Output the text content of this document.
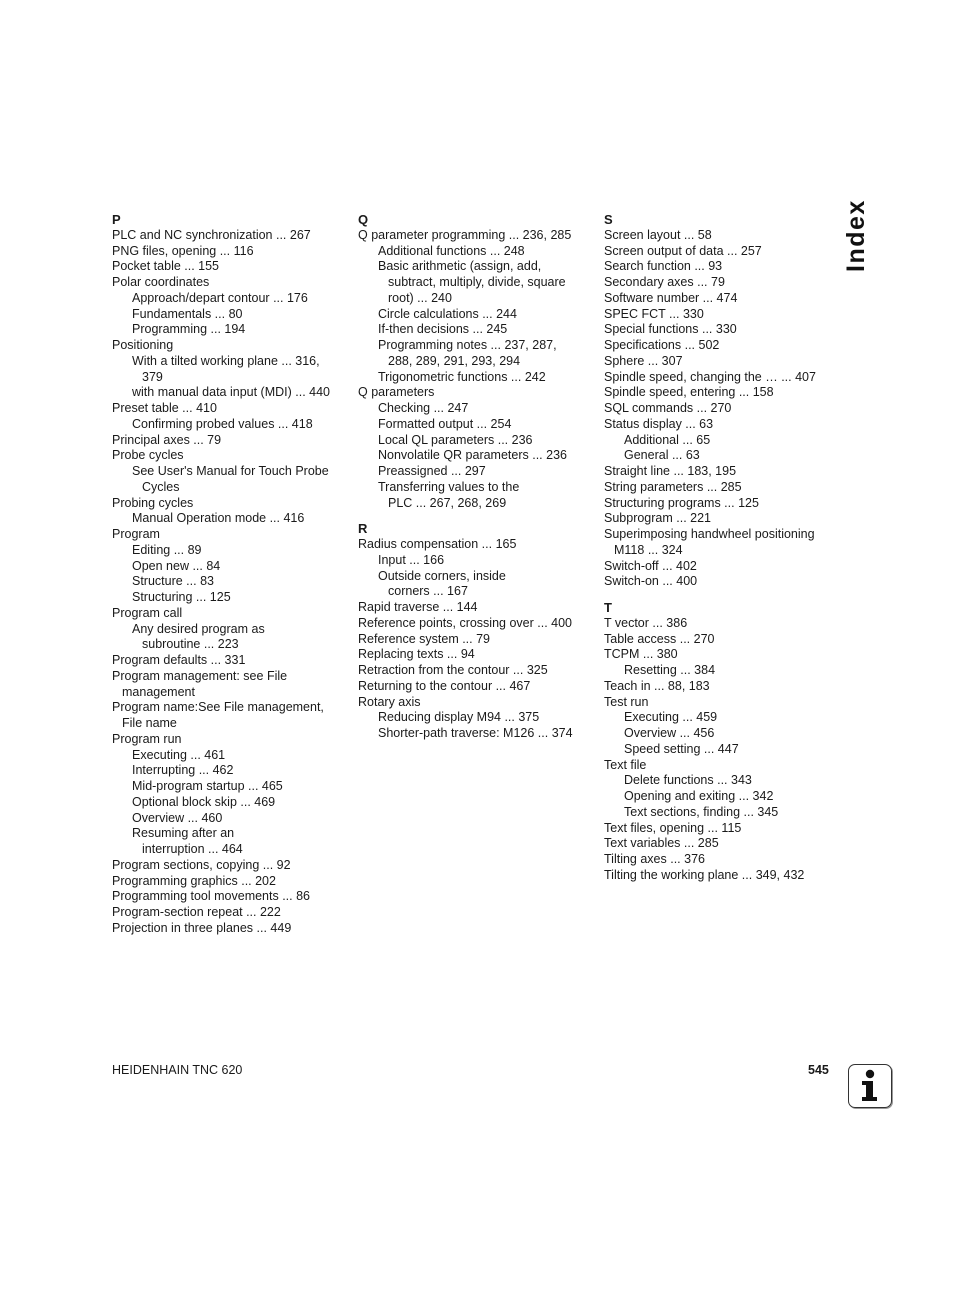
P
PLC and NC synchronization ... 267
PNG files, opening ... 116
Pocket table ... 155
Polar coordinates
Approach/depart contour ... 176
Fundamentals ... 80
Programming ... 194
Positioning
With a tilted working plane ... 316,
379
with manual data input (MDI) ... 440
Preset table ... 410
Confirming probed values ... 418
Principal axes ... 79
Probe cycles
See User's Manual for Touch Probe
Cycles
Probing cycles
Manual Operation mode ... 416
Program
Editing ... 89
Open new ... 84
Structure ... 83
Structuring ... 125
Program call
Any desired program as
subroutine ... 223
Program defaults ... 331
Program management: see File
management
Program name:See File management,
File name
Program run
Executing ... 461
Interrupting ... 462
Mid-program startup ... 465
Optional block skip ... 469
Overview ... 460
Resuming after an
interruption ... 464
Program sections, copying ... 92
Programming graphics ... 202
Programming tool movements ... 86
Program-section repeat ... 222
Projection in three planes ... 449
Q
Q parameter programming ... 236, 285
Additional functions ... 248
Basic arithmetic (assign, add,
subtract, multiply, divide, square
root) ... 240
Circle calculations ... 244
If-then decisions ... 245
Programming notes ... 237, 287,
288, 289, 291, 293, 294
Trigonometric functions ... 242
Q parameters
Checking ... 247
Formatted output ... 254
Local QL parameters ... 236
Nonvolatile QR parameters ... 236
Preassigned ... 297
Transferring values to the
PLC ... 267, 268, 269
R
Radius compensation ... 165
Input ... 166
Outside corners, inside
corners ... 167
Rapid traverse ... 144
Reference points, crossing over ... 400
Reference system ... 79
Replacing texts ... 94
Retraction from the contour ... 325
Returning to the contour ... 467
Rotary axis
Reducing display M94 ... 375
Shorter-path traverse: M126 ... 374
S
Screen layout ... 58
Screen output of data ... 257
Search function ... 93
Secondary axes ... 79
Software number ... 474
SPEC FCT ... 330
Special functions ... 330
Specifications ... 502
Sphere ... 307
Spindle speed, changing the … ... 407
Spindle speed, entering ... 158
SQL commands ... 270
Status display ... 63
Additional ... 65
General ... 63
Straight line ... 183, 195
String parameters ... 285
Structuring programs ... 125
Subprogram ... 221
Superimposing handwheel positioning
M118 ... 324
Switch-off ... 402
Switch-on ... 400
T
T vector ... 386
Table access ... 270
TCPM ... 380
Resetting ... 384
Teach in ... 88, 183
Test run
Executing ... 459
Overview ... 456
Speed setting ... 447
Text file
Delete functions ... 343
Opening and exiting ... 342
Text sections, finding ... 345
Text files, opening ... 115
Text variables ... 285
Tilting axes ... 376
Tilting the working plane ... 349, 432
Index
HEIDENHAIN TNC 620	545
